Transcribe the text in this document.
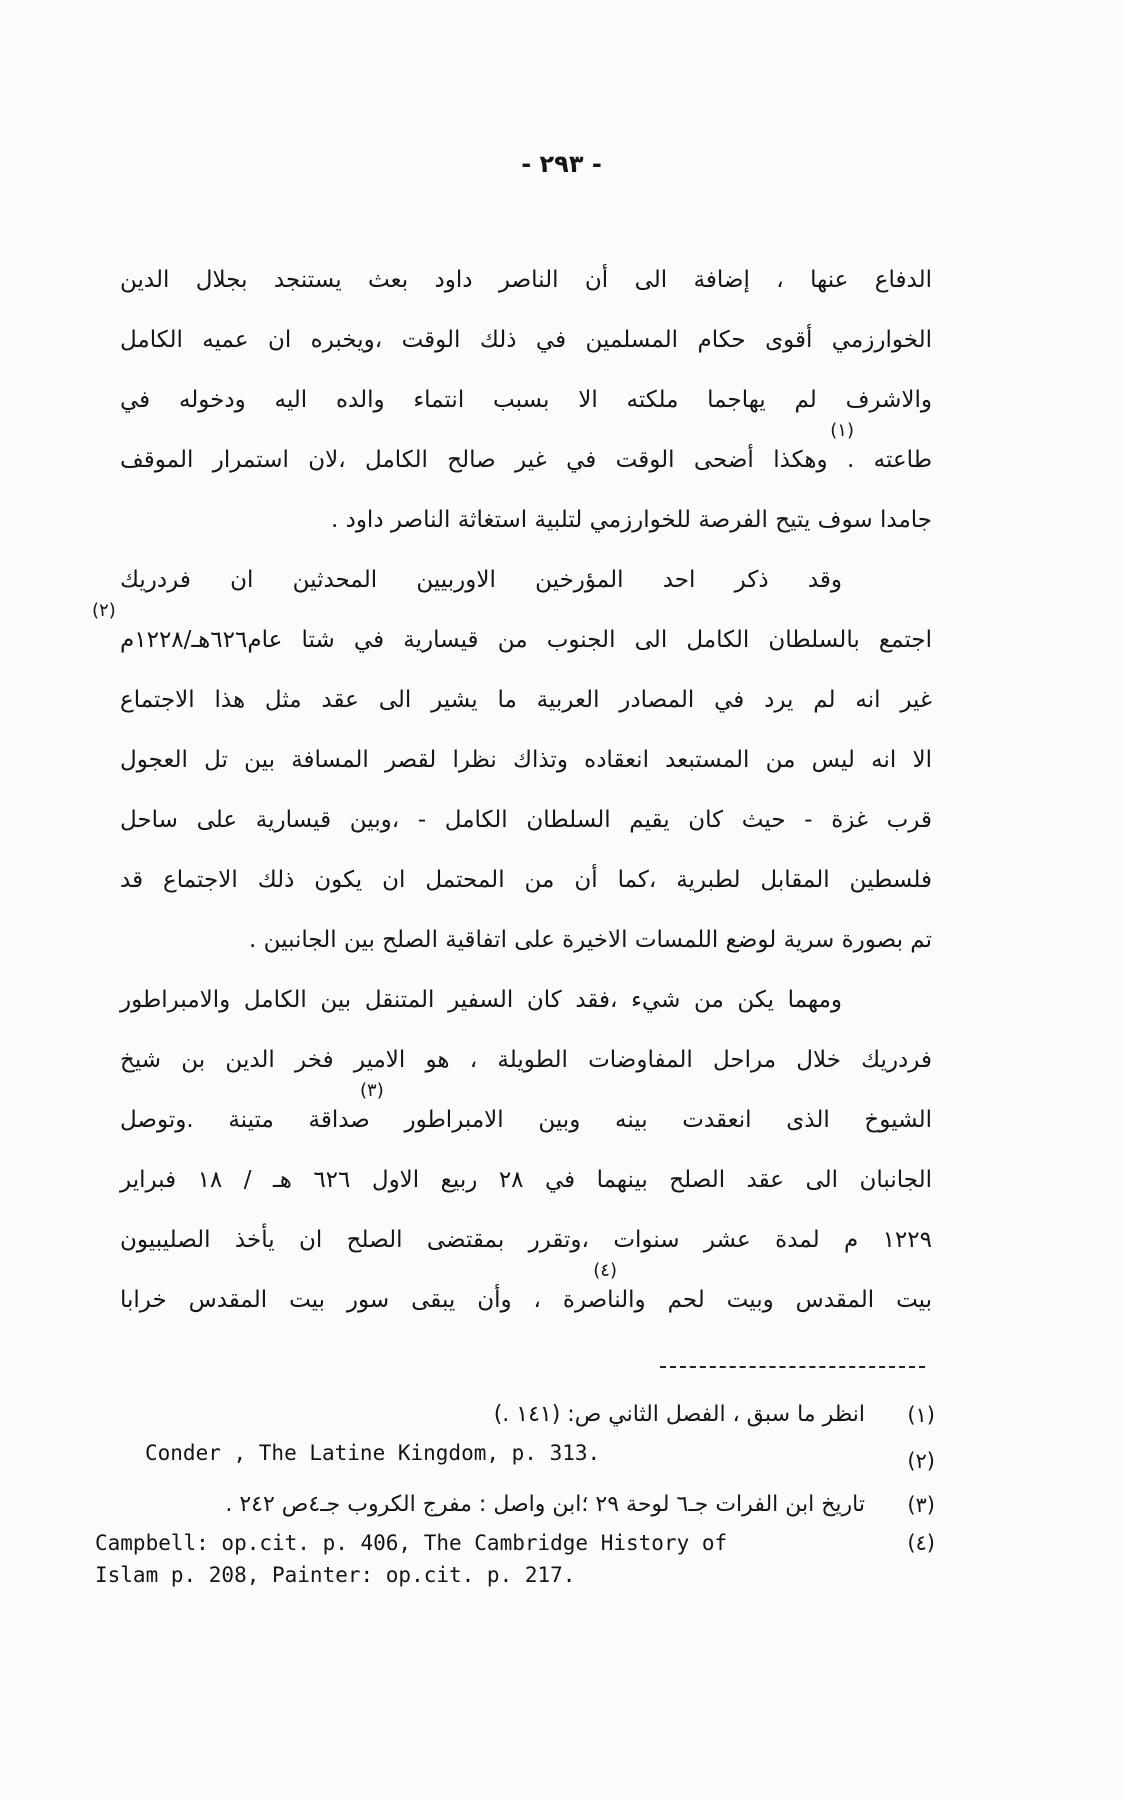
- ٢٩٣ -
الدفاع عنها ، إضافة الى أن الناصر داود بعث يستنجد بجلال الدين
الخوارزمي أقوى حكام المسلمين في ذلك الوقت ،ويخبره ان عميه الكامل
والاشرف لم يهاجما ملكته الا بسبب انتماء والده اليه ودخوله في
طاعته . وهكذا أضحى الوقت في غير صالح الكامل ،لان استمرار الموقف
(١)
جامدا سوف يتيح الفرصة للخوارزمي لتلبية استغاثة الناصر داود .
وقد ذكر احد المؤرخين الاوربيين المحدثين ان فردريك
اجتمع بالسلطان الكامل الى الجنوب من قيسارية في شتا عام٦٢٦هـ/١٢٢٨م
(٢)
غير انه لم يرد في المصادر العربية ما يشير الى عقد مثل هذا الاجتماع
الا انه ليس من المستبعد انعقاده وتذاك نظرا لقصر المسافة بين تل العجول
قرب غزة - حيث كان يقيم السلطان الكامل - ،وبين قيسارية على ساحل
فلسطين المقابل لطبرية ،كما أن من المحتمل ان يكون ذلك الاجتماع قد
تم بصورة سرية لوضع اللمسات الاخيرة على اتفاقية الصلح بين الجانبين .
ومهما يكن من شيء ،فقد كان السفير المتنقل بين الكامل والامبراطور
فردريك خلال مراحل المفاوضات الطويلة ، هو الامير فخر الدين بن شيخ
الشيوخ الذى انعقدت بينه وبين الامبراطور صداقة متينة .وتوصل
(٣)
الجانبان الى عقد الصلح بينهما في ٢٨ ربيع الاول ٦٢٦ هـ / ١٨ فبراير
١٢٢٩ م لمدة عشر سنوات ،وتقرر بمقتضى الصلح ان يأخذ الصليبيون
بيت المقدس وبيت لحم والناصرة ، وأن يبقى سور بيت المقدس خرابا
(٤)
(١)
انظر ما سبق ، الفصل الثاني ص: (١٤١ .)
(٢)
Conder , The Latine Kingdom, p. 313.
(٣)
تاريخ ابن الفرات جـ٦ لوحة ٢٩ ؛ابن واصل : مفرج الكروب جـ٤ص ٢٤٢ .
(٤)
Campbell: op.cit. p. 406, The Cambridge History of
Islam p. 208, Painter: op.cit. p. 217.
